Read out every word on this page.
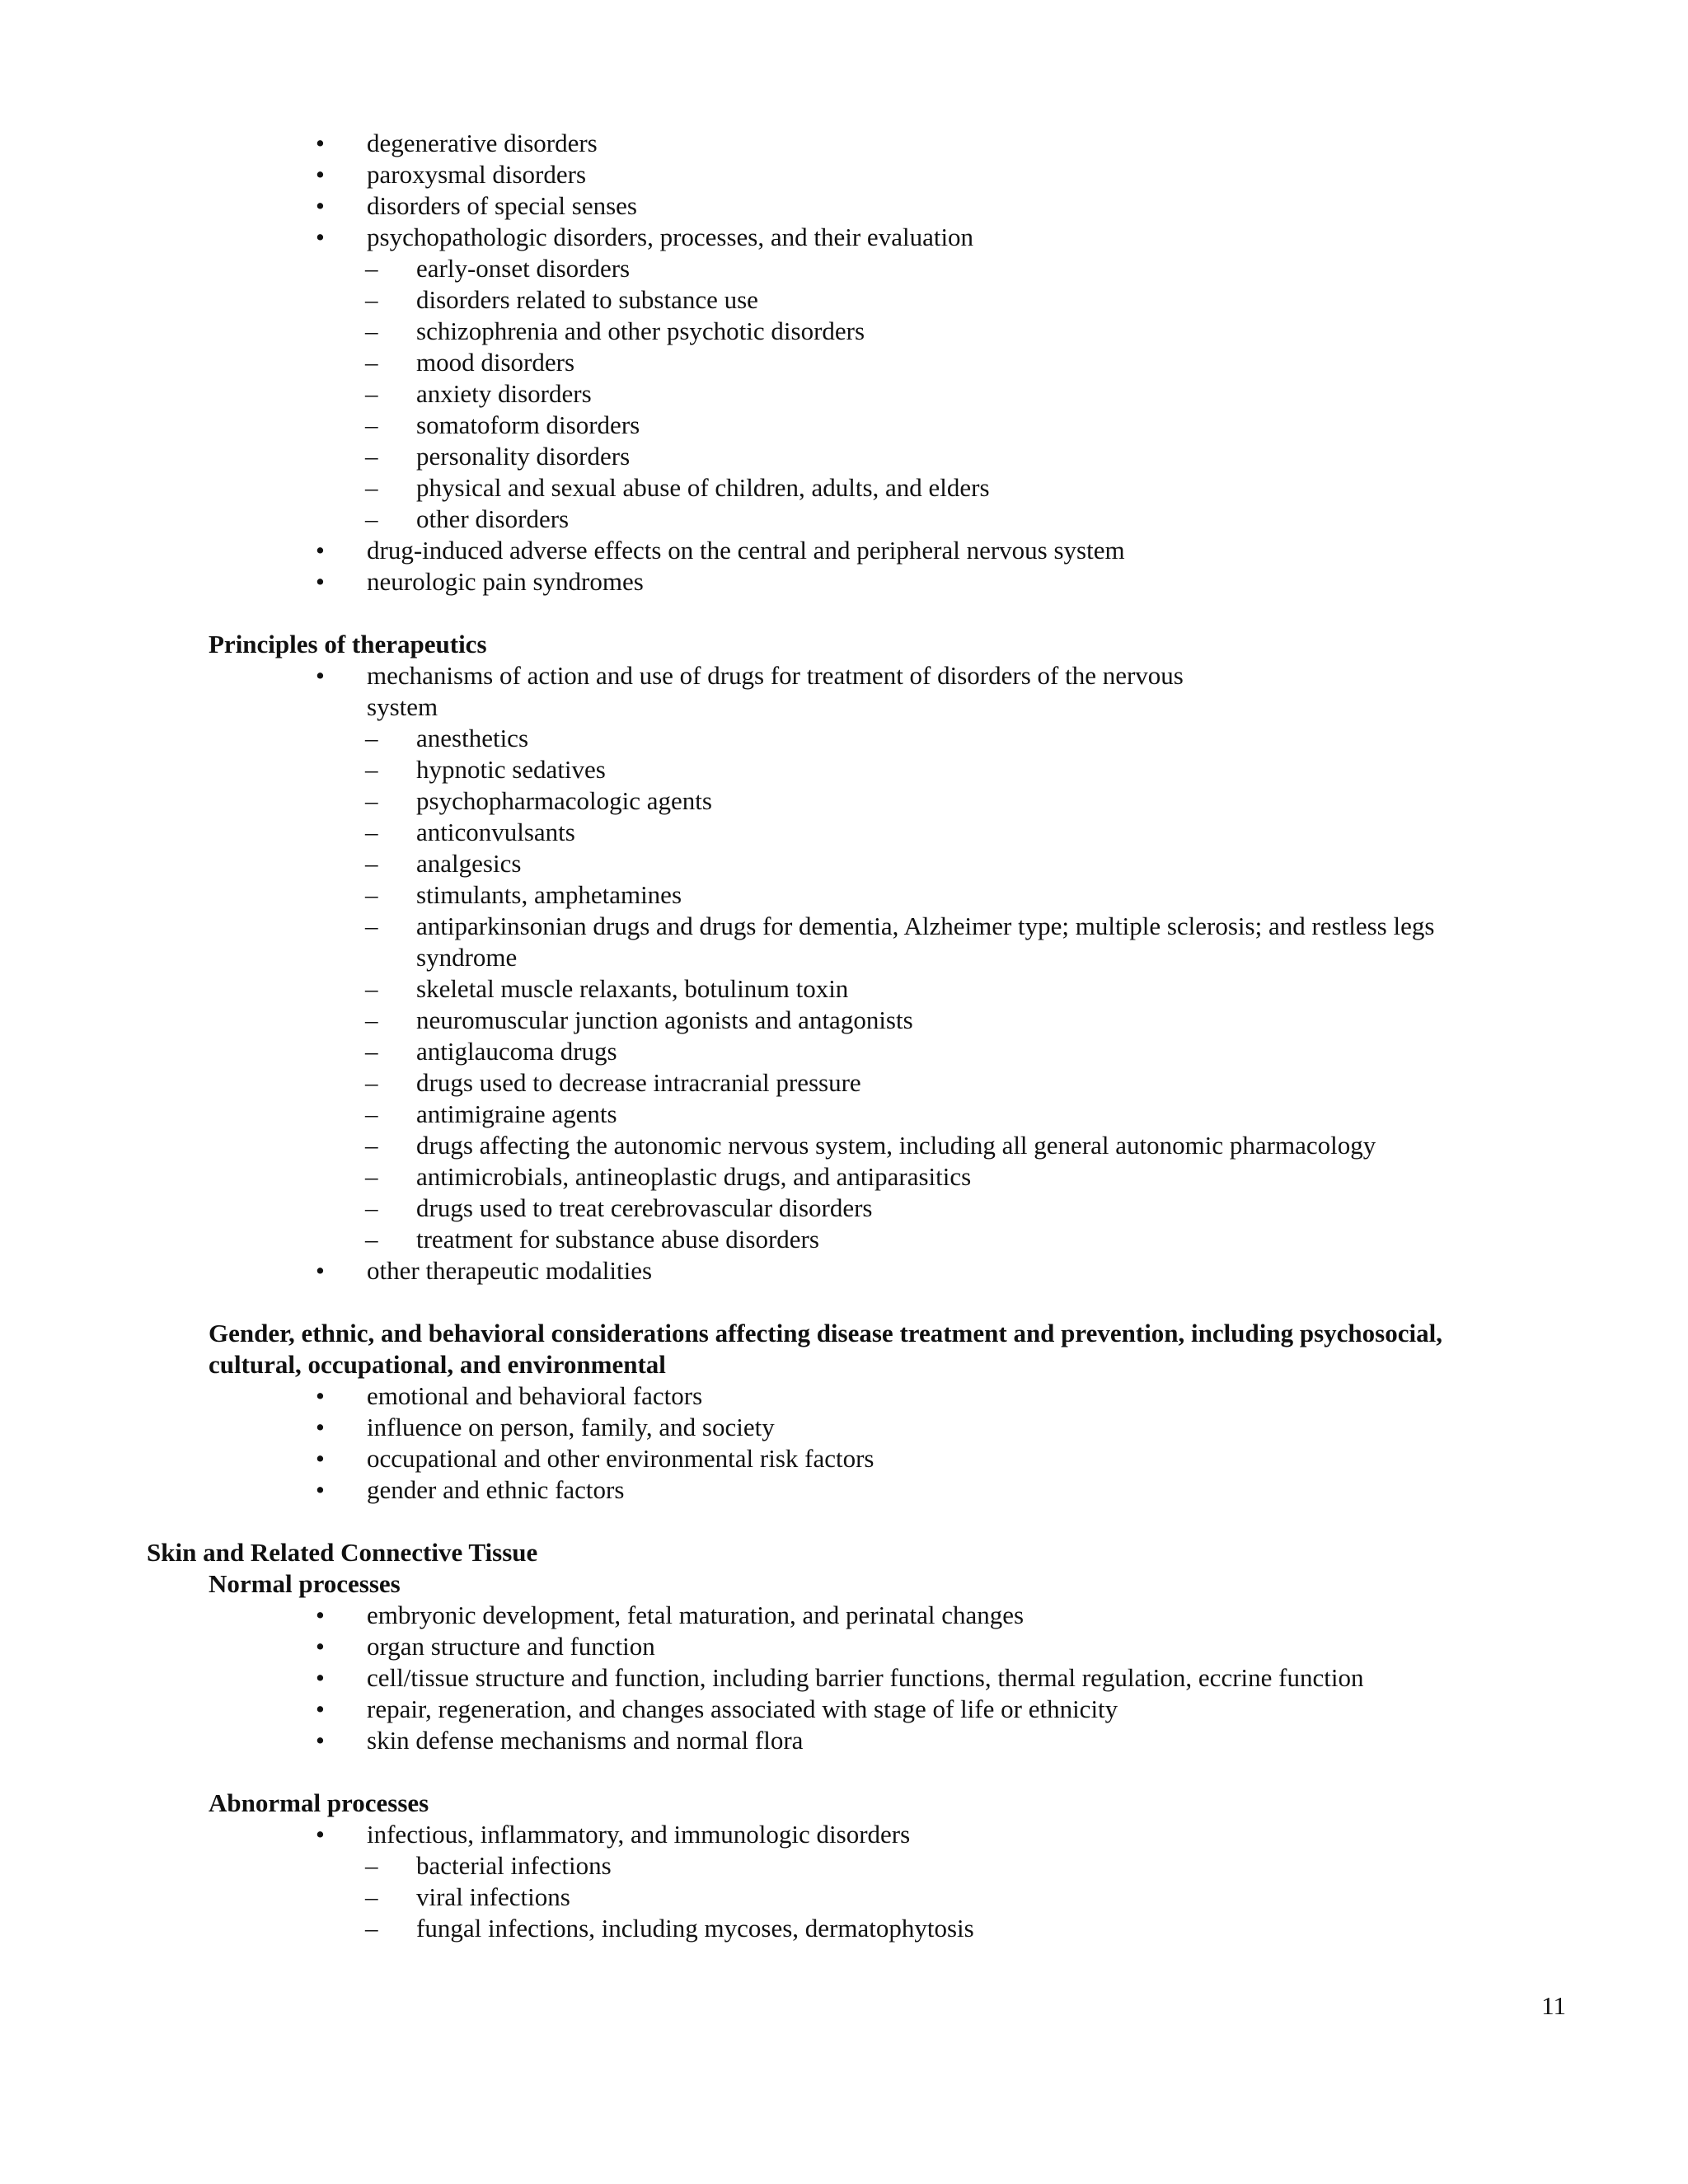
• degenerative disorders
• paroxysmal disorders
• disorders of special senses
• psychopathologic disorders, processes, and their evaluation
– early-onset disorders
– disorders related to substance use
– schizophrenia and other psychotic disorders
– mood disorders
– anxiety disorders
– somatoform disorders
– personality disorders
– physical and sexual abuse of children, adults, and elders
– other disorders
• drug-induced adverse effects on the central and peripheral nervous system
• neurologic pain syndromes
Principles of therapeutics
• mechanisms of action and use of drugs for treatment of disorders of the nervous
system
– anesthetics
– hypnotic sedatives
– psychopharmacologic agents
– anticonvulsants
– analgesics
– stimulants, amphetamines
– antiparkinsonian drugs and drugs for dementia, Alzheimer type; multiple sclerosis; and restless legs
syndrome
– skeletal muscle relaxants, botulinum toxin
– neuromuscular junction agonists and antagonists
– antiglaucoma drugs
– drugs used to decrease intracranial pressure
– antimigraine agents
– drugs affecting the autonomic nervous system, including all general autonomic pharmacology
– antimicrobials, antineoplastic drugs, and antiparasitics
– drugs used to treat cerebrovascular disorders
– treatment for substance abuse disorders
• other therapeutic modalities
Gender, ethnic, and behavioral considerations affecting disease treatment and prevention, including psychosocial,
cultural, occupational, and environmental
• emotional and behavioral factors
• influence on person, family, and society
• occupational and other environmental risk factors
• gender and ethnic factors
Skin and Related Connective Tissue
Normal processes
• embryonic development, fetal maturation, and perinatal changes
• organ structure and function
• cell/tissue structure and function, including barrier functions, thermal regulation, eccrine function
• repair, regeneration, and changes associated with stage of life or ethnicity
• skin defense mechanisms and normal flora
Abnormal processes
• infectious, inflammatory, and immunologic disorders
– bacterial infections
– viral infections
– fungal infections, including mycoses, dermatophytosis
11
